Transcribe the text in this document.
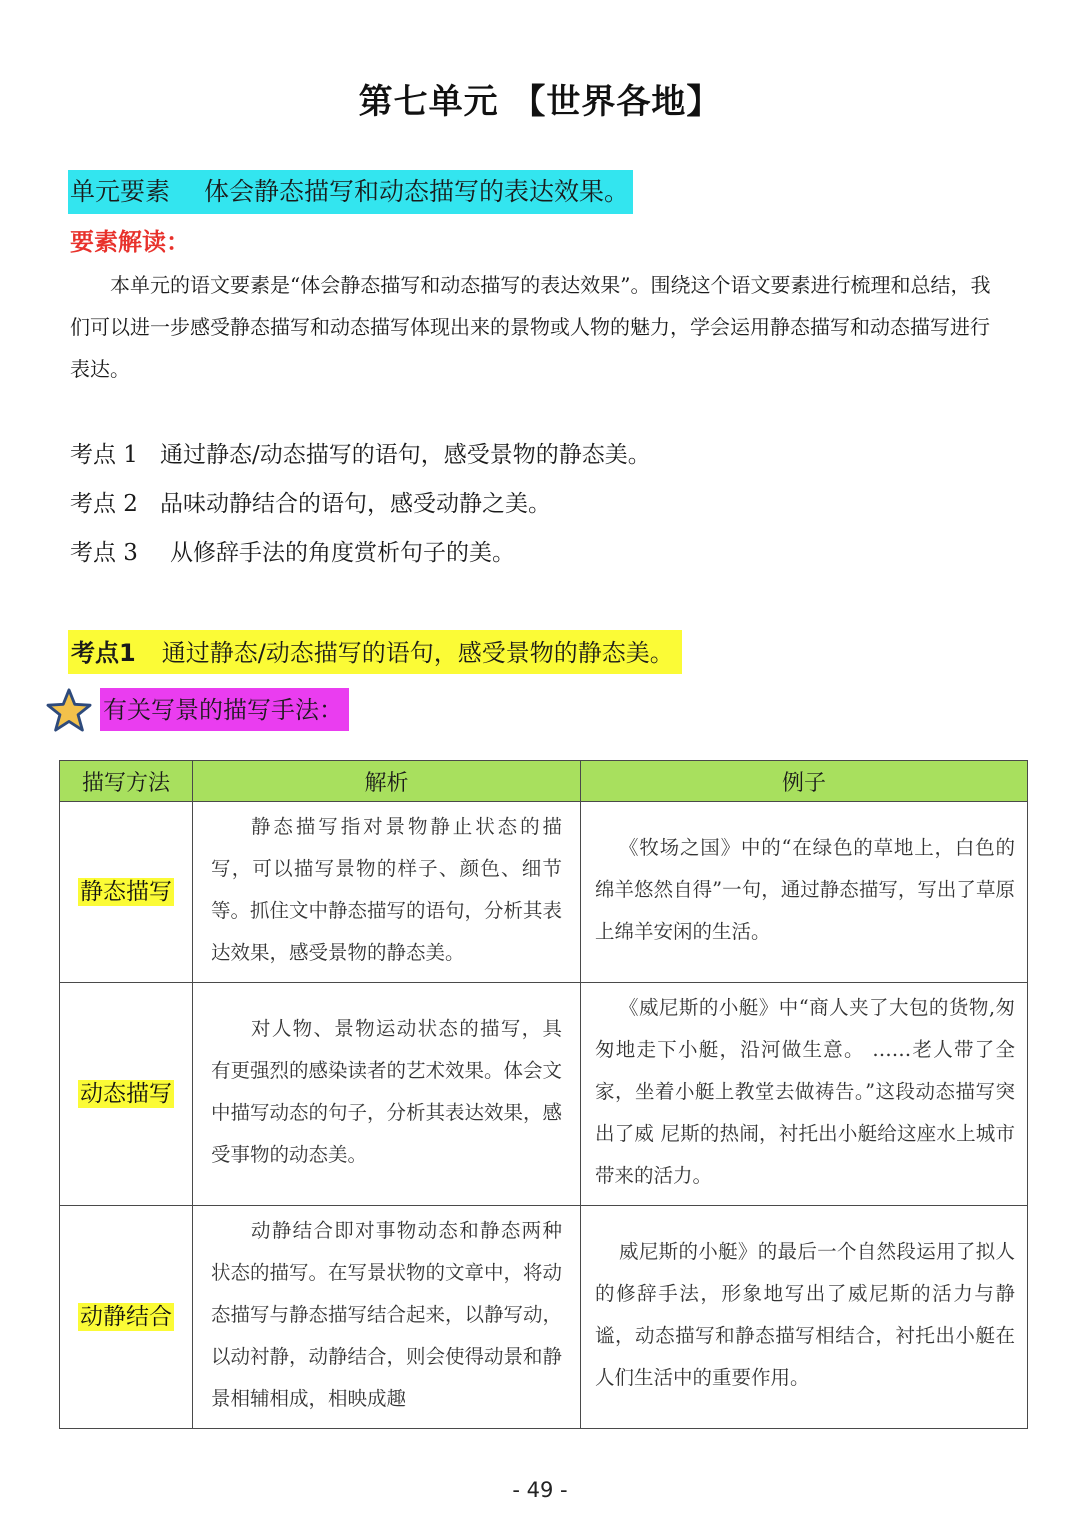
第七单元 【世界各地】
单元要素 体会静态描写和动态描写的表达效果。
要素解读：

本单元的语文要素是“体会静态描写和动态描写的表达效果”。围绕这个语文要素进行梳理和总结，我们可以进一步感受静态描写和动态描写体现出来的景物或人物的魅力，学会运用静态描写和动态描写进行表达。

考点 1 通过静态/动态描写的语句，感受景物的静态美。
考点 2 品味动静结合的语句，感受动静之美。
考点 3 从修辞手法的角度赏析句子的美。
考点1 通过静态/动态描写的语句，感受景物的静态美。
有关写景的描写手法：
描写方法	解析	例子
静态描写	静态描写指对景物静止状态的描写，可以描写景物的样子、颜色、细节等。抓住文中静态描写的语句，分析其表达效果，感受景物的静态美。	《牧场之国》中的“在绿色的草地上，白色的绵羊悠然自得”一句，通过静态描写，写出了草原上绵羊安闲的生活。
动态描写	对人物、景物运动状态的描写，具有更强烈的感染读者的艺术效果。体会文中描写动态的句子，分析其表达效果，感受事物的动态美。	《威尼斯的小艇》中“商人夹了大包的货物,匆匆地走下小艇，沿河做生意。 ……老人带了全家，坐着小艇上教堂去做祷告。”这段动态描写突出了威 尼斯的热闹，衬托出小艇给这座水上城市带来的活力。
动静结合	动静结合即对事物动态和静态两种状态的描写。在写景状物的文章中，将动态描写与静态描写结合起来，以静写动，以动衬静，动静结合，则会使得动景和静景相辅相成，相映成趣	威尼斯的小艇》的最后一个自然段运用了拟人的修辞手法，形象地写出了威尼斯的活力与静谧，动态描写和静态描写相结合，衬托出小艇在人们生活中的重要作用。
- 49 -
